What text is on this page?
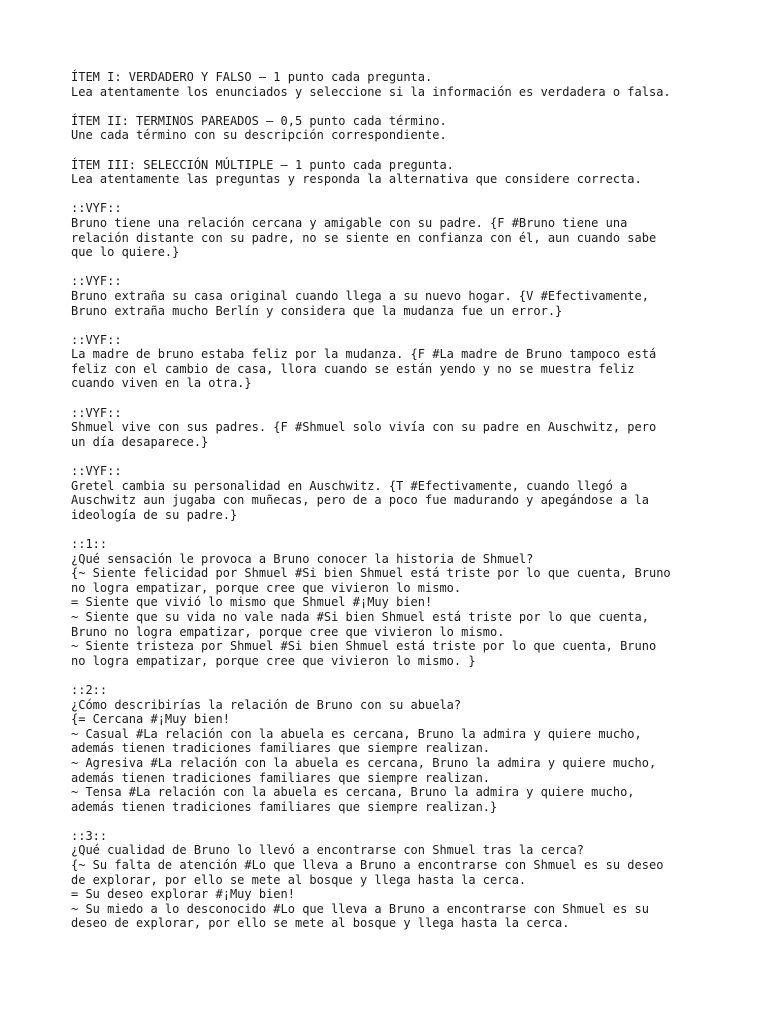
ÍTEM I: VERDADERO Y FALSO – 1 punto cada pregunta.
Lea atentamente los enunciados y seleccione si la información es verdadera o falsa.
ÍTEM II: TERMINOS PAREADOS – 0,5 punto cada término.
Une cada término con su descripción correspondiente.
ÍTEM III: SELECCIÓN MÚLTIPLE – 1 punto cada pregunta.
Lea atentamente las preguntas y responda la alternativa que considere correcta.
::VYF::
Bruno tiene una relación cercana y amigable con su padre. {F #Bruno tiene una
relación distante con su padre, no se siente en confianza con él, aun cuando sabe
que lo quiere.}
::VYF::
Bruno extraña su casa original cuando llega a su nuevo hogar. {V #Efectivamente,
Bruno extraña mucho Berlín y considera que la mudanza fue un error.}
::VYF::
La madre de bruno estaba feliz por la mudanza. {F #La madre de Bruno tampoco está
feliz con el cambio de casa, llora cuando se están yendo y no se muestra feliz
cuando viven en la otra.}
::VYF::
Shmuel vive con sus padres. {F #Shmuel solo vivía con su padre en Auschwitz, pero
un día desaparece.}
::VYF::
Gretel cambia su personalidad en Auschwitz. {T #Efectivamente, cuando llegó a
Auschwitz aun jugaba con muñecas, pero de a poco fue madurando y apegándose a la
ideología de su padre.}
::1::
¿Qué sensación le provoca a Bruno conocer la historia de Shmuel?
{~ Siente felicidad por Shmuel #Si bien Shmuel está triste por lo que cuenta, Bruno
no logra empatizar, porque cree que vivieron lo mismo.
= Siente que vivió lo mismo que Shmuel #¡Muy bien!
~ Siente que su vida no vale nada #Si bien Shmuel está triste por lo que cuenta,
Bruno no logra empatizar, porque cree que vivieron lo mismo.
~ Siente tristeza por Shmuel #Si bien Shmuel está triste por lo que cuenta, Bruno
no logra empatizar, porque cree que vivieron lo mismo. }
::2::
¿Cómo describirías la relación de Bruno con su abuela?
{= Cercana #¡Muy bien!
~ Casual #La relación con la abuela es cercana, Bruno la admira y quiere mucho,
además tienen tradiciones familiares que siempre realizan.
~ Agresiva #La relación con la abuela es cercana, Bruno la admira y quiere mucho,
además tienen tradiciones familiares que siempre realizan.
~ Tensa #La relación con la abuela es cercana, Bruno la admira y quiere mucho,
además tienen tradiciones familiares que siempre realizan.}
::3::
¿Qué cualidad de Bruno lo llevó a encontrarse con Shmuel tras la cerca?
{~ Su falta de atención #Lo que lleva a Bruno a encontrarse con Shmuel es su deseo
de explorar, por ello se mete al bosque y llega hasta la cerca.
= Su deseo explorar #¡Muy bien!
~ Su miedo a lo desconocido #Lo que lleva a Bruno a encontrarse con Shmuel es su
deseo de explorar, por ello se mete al bosque y llega hasta la cerca.
